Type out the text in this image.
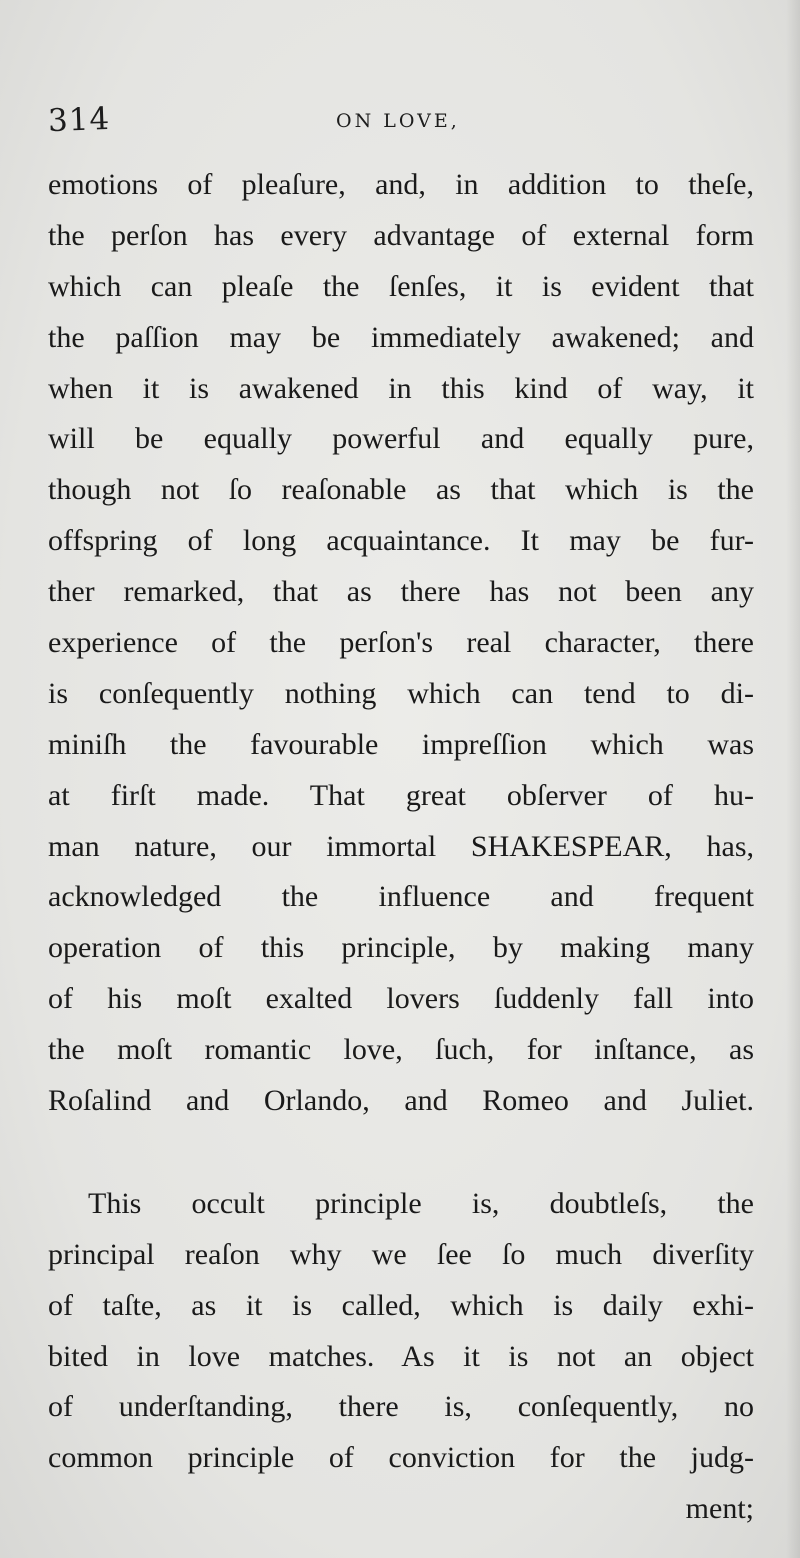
314	ON LOVE,
emotions of pleaſure, and, in addition to theſe,
the perſon has every advantage of external form
which can pleaſe the ſenſes, it is evident that
the paſſion may be immediately awakened; and
when it is awakened in this kind of way, it
will be equally powerful and equally pure,
though not ſo reaſonable as that which is the
offspring of long acquaintance. It may be fur-
ther remarked, that as there has not been any
experience of the perſon's real character, there
is conſequently nothing which can tend to di-
miniſh the favourable impreſſion which was
at firſt made. That great obſerver of hu-
man nature, our immortal SHAKESPEAR, has,
acknowledged the influence and frequent
operation of this principle, by making many
of his moſt exalted lovers ſuddenly fall into
the moſt romantic love, ſuch, for inſtance, as
Roſalind and Orlando, and Romeo and Juliet.
This occult principle is, doubtleſs, the
principal reaſon why we ſee ſo much diverſity
of taſte, as it is called, which is daily exhi-
bited in love matches. As it is not an object
of underſtanding, there is, conſequently, no
common principle of conviction for the judg-
ment;
